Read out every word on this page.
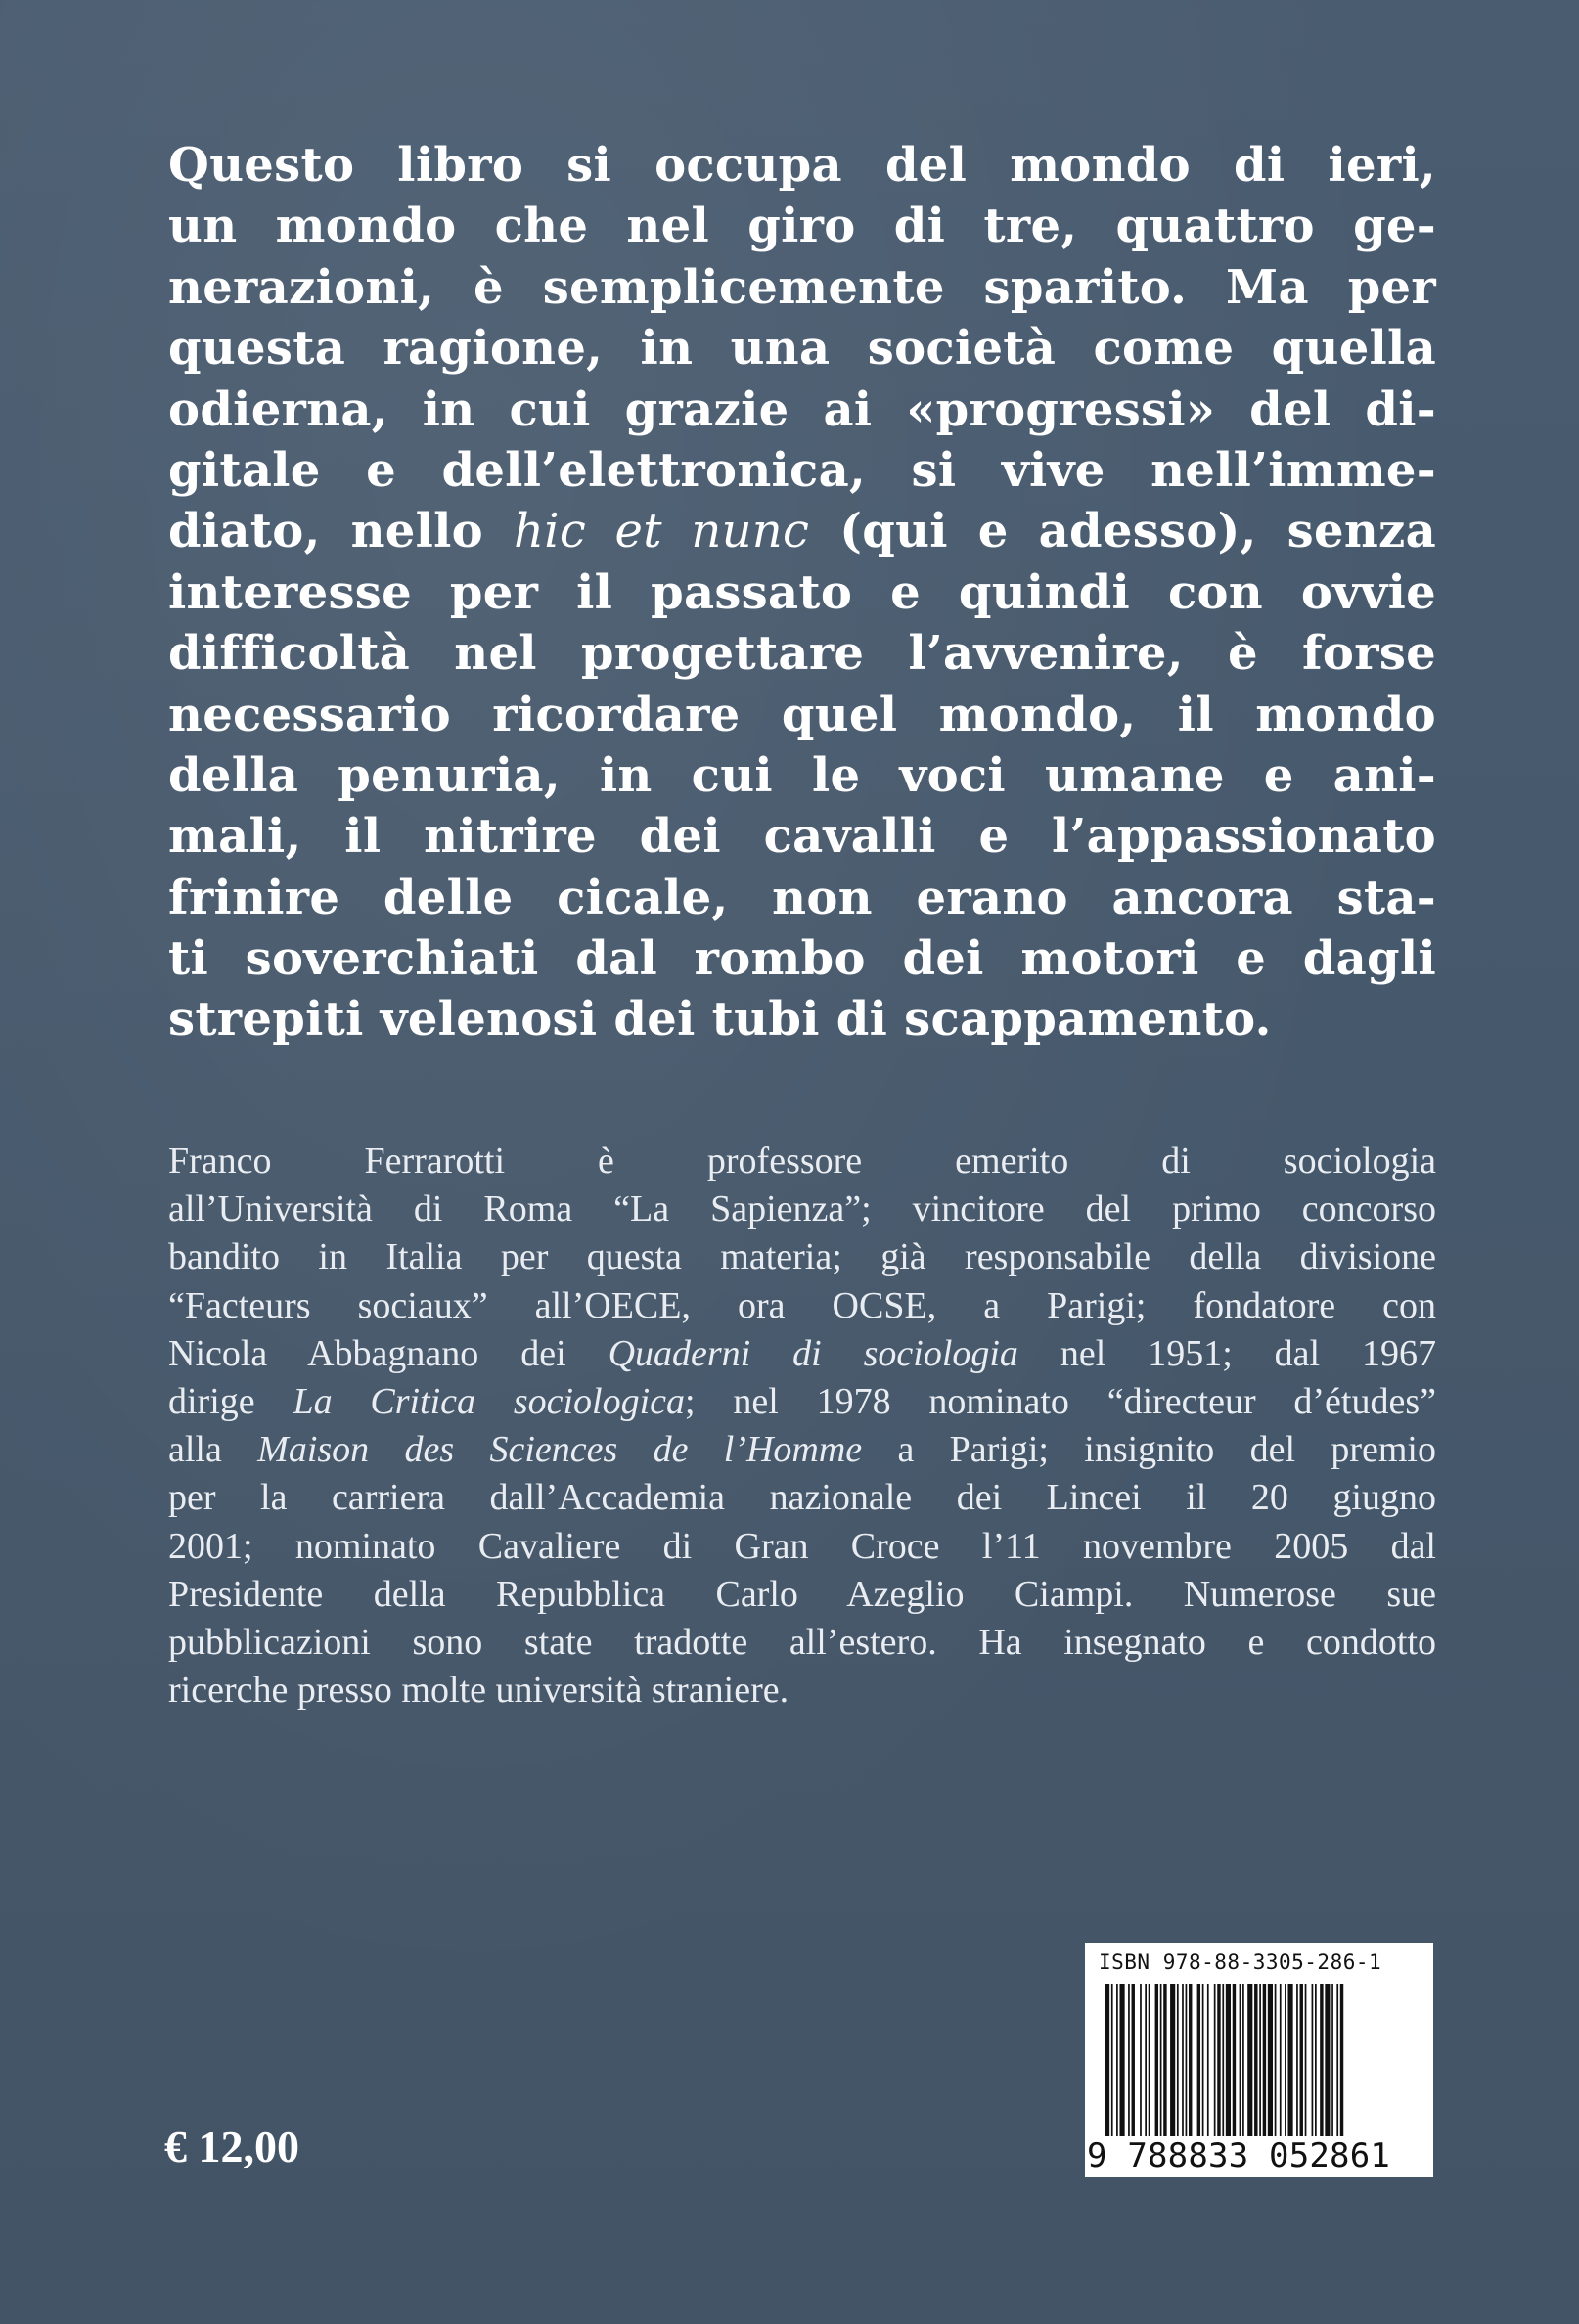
Questo libro si occupa del mondo di ieri,
un mondo che nel giro di tre, quattro ge-
nerazioni, è semplicemente sparito. Ma per
questa ragione, in una società come quella
odierna, in cui grazie ai «progressi» del di-
gitale e dell’elettronica, si vive nell’imme-
diato, nello hic et nunc (qui e adesso), senza
interesse per il passato e quindi con ovvie
difficoltà nel progettare l’avvenire, è forse
necessario ricordare quel mondo, il mondo
della penuria, in cui le voci umane e ani-
mali, il nitrire dei cavalli e l’appassionato
frinire delle cicale, non erano ancora sta-
ti soverchiati dal rombo dei motori e dagli
strepiti velenosi dei tubi di scappamento.
Franco Ferrarotti è professore emerito di sociologia
all’Università di Roma “La Sapienza”; vincitore del primo concorso
bandito in Italia per questa materia; già responsabile della divisione
“Facteurs sociaux” all’OECE, ora OCSE, a Parigi; fondatore con
Nicola Abbagnano dei Quaderni di sociologia nel 1951; dal 1967
dirige La Critica sociologica; nel 1978 nominato “directeur d’études”
alla Maison des Sciences de l’Homme a Parigi; insignito del premio
per la carriera dall’Accademia nazionale dei Lincei il 20 giugno
2001; nominato Cavaliere di Gran Croce l’11 novembre 2005 dal
Presidente della Repubblica Carlo Azeglio Ciampi. Numerose sue
pubblicazioni sono state tradotte all’estero. Ha insegnato e condotto
ricerche presso molte università straniere.
€ 12,00
ISBN 978-88-3305-286-1
9 788833 052861
